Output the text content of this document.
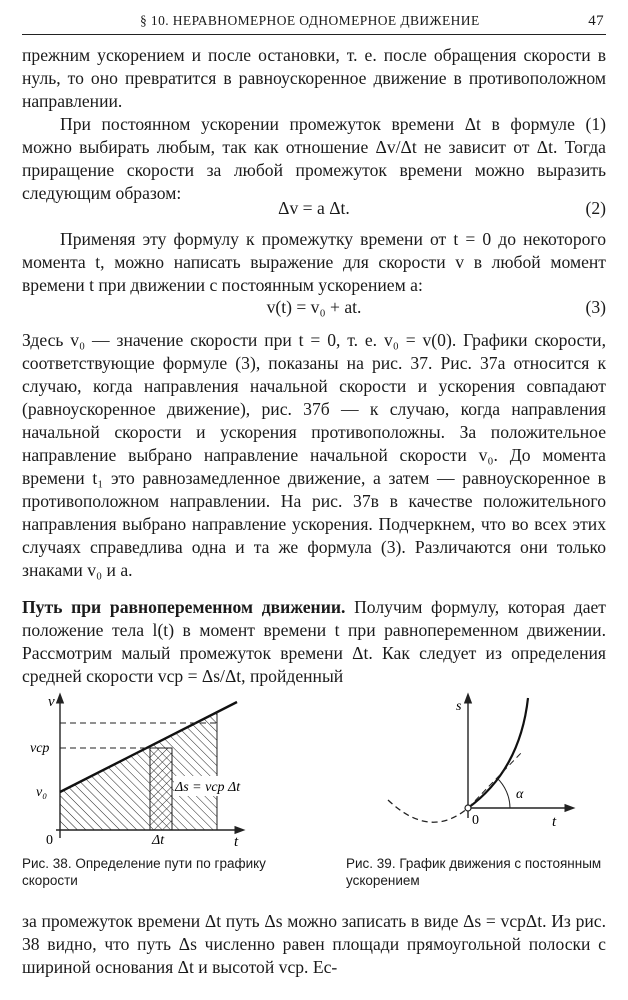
§ 10. НЕРАВНОМЕРНОЕ ОДНОМЕРНОЕ ДВИЖЕНИЕ	47

прежним ускорением и после остановки, т. е. после обращения скорости в нуль, то оно превратится в равноускоренное движение в противоположном направлении.

При постоянном ускорении промежуток времени Δt в формуле (1) можно выбирать любым, так как отношение Δv/Δt не зависит от Δt. Тогда приращение скорости за любой промежуток времени можно выразить следующим образом:

Δv = a Δt.	(2)

Применяя эту формулу к промежутку времени от t = 0 до некоторого момента t, можно написать выражение для скорости v в любой момент времени t при движении с постоянным ускорением a:

v(t) = v₀ + at.	(3)

Здесь v₀ — значение скорости при t = 0, т. е. v₀ = v(0). Графики скорости, соответствующие формуле (3), показаны на рис. 37. Рис. 37а относится к случаю, когда направления начальной скорости и ускорения совпадают (равноускоренное движение), рис. 37б — к случаю, когда направления начальной скорости и ускорения противоположны. За положительное направление выбрано направление начальной скорости v₀. До момента времени t₁ это равнозамедленное движение, а затем — равноускоренное в противоположном направлении. На рис. 37в в качестве положительного направления выбрано направление ускорения. Подчеркнем, что во всех этих случаях справедлива одна и та же формула (3). Различаются они только знаками v₀ и a.

Путь при равнопеременном движении. Получим формулу, которая дает положение тела l(t) в момент времени t при равнопеременном движении. Рассмотрим малый промежуток времени Δt. Как следует из определения средней скорости vср = Δs/Δt, пройденный

Δs = vср Δt
v
t
vср
v₀
0	Δt
Рис. 38. Определение пути по графику скорости
s
t
0
α
Рис. 39. График движения с постоянным ускорением

за промежуток времени Δt путь Δs можно записать в виде Δs = vсрΔt. Из рис. 38 видно, что путь Δs численно равен площади прямоугольной полоски с шириной основания Δt и высотой vср. Ес-
